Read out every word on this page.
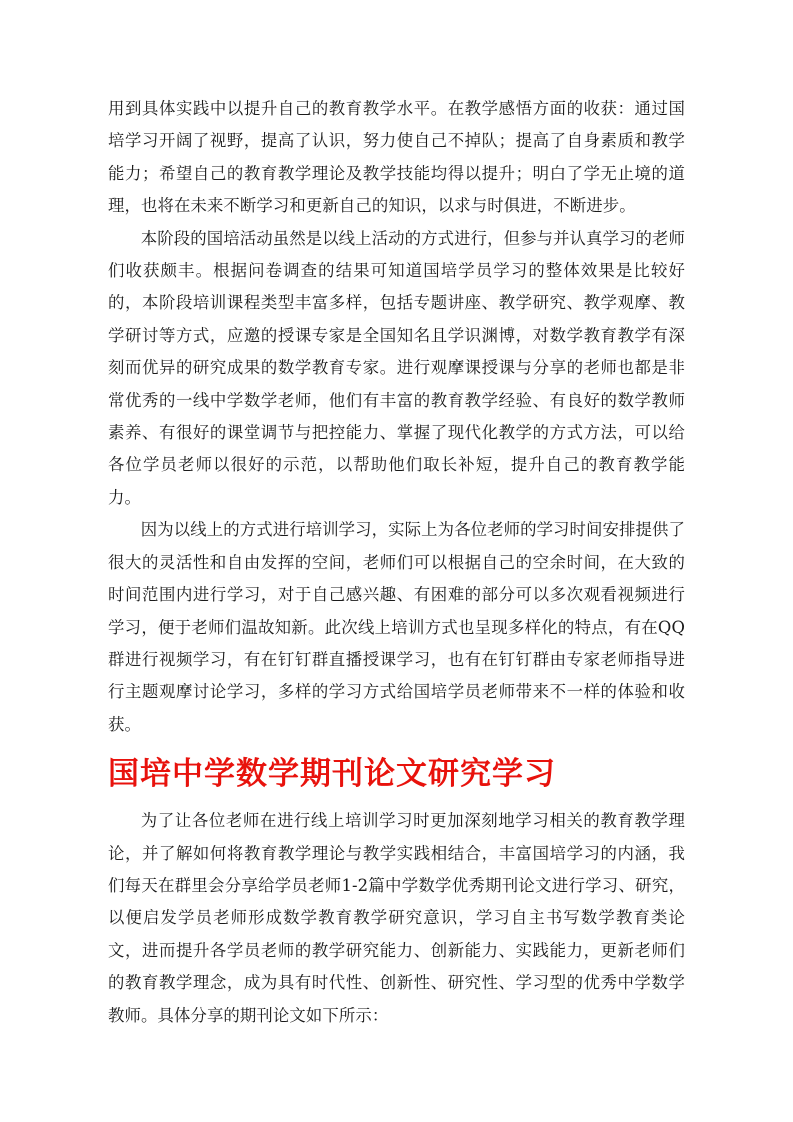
用到具体实践中以提升自己的教育教学水平。在教学感悟方面的收获：通过国培学习开阔了视野，提高了认识，努力使自己不掉队；提高了自身素质和教学能力；希望自己的教育教学理论及教学技能均得以提升；明白了学无止境的道理，也将在未来不断学习和更新自己的知识，以求与时俱进，不断进步。

本阶段的国培活动虽然是以线上活动的方式进行，但参与并认真学习的老师们收获颇丰。根据问卷调查的结果可知道国培学员学习的整体效果是比较好的，本阶段培训课程类型丰富多样，包括专题讲座、教学研究、教学观摩、教学研讨等方式，应邀的授课专家是全国知名且学识渊博，对数学教育教学有深刻而优异的研究成果的数学教育专家。进行观摩课授课与分享的老师也都是非常优秀的一线中学数学老师，他们有丰富的教育教学经验、有良好的数学教师素养、有很好的课堂调节与把控能力、掌握了现代化教学的方式方法，可以给各位学员老师以很好的示范，以帮助他们取长补短，提升自己的教育教学能力。

因为以线上的方式进行培训学习，实际上为各位老师的学习时间安排提供了很大的灵活性和自由发挥的空间，老师们可以根据自己的空余时间，在大致的时间范围内进行学习，对于自己感兴趣、有困难的部分可以多次观看视频进行学习，便于老师们温故知新。此次线上培训方式也呈现多样化的特点，有在QQ群进行视频学习，有在钉钉群直播授课学习，也有在钉钉群由专家老师指导进行主题观摩讨论学习，多样的学习方式给国培学员老师带来不一样的体验和收获。

国培中学数学期刊论文研究学习

为了让各位老师在进行线上培训学习时更加深刻地学习相关的教育教学理论，并了解如何将教育教学理论与教学实践相结合，丰富国培学习的内涵，我们每天在群里会分享给学员老师1-2篇中学数学优秀期刊论文进行学习、研究，以便启发学员老师形成数学教育教学研究意识，学习自主书写数学教育类论文，进而提升各学员老师的教学研究能力、创新能力、实践能力，更新老师们的教育教学理念，成为具有时代性、创新性、研究性、学习型的优秀中学数学教师。具体分享的期刊论文如下所示：
